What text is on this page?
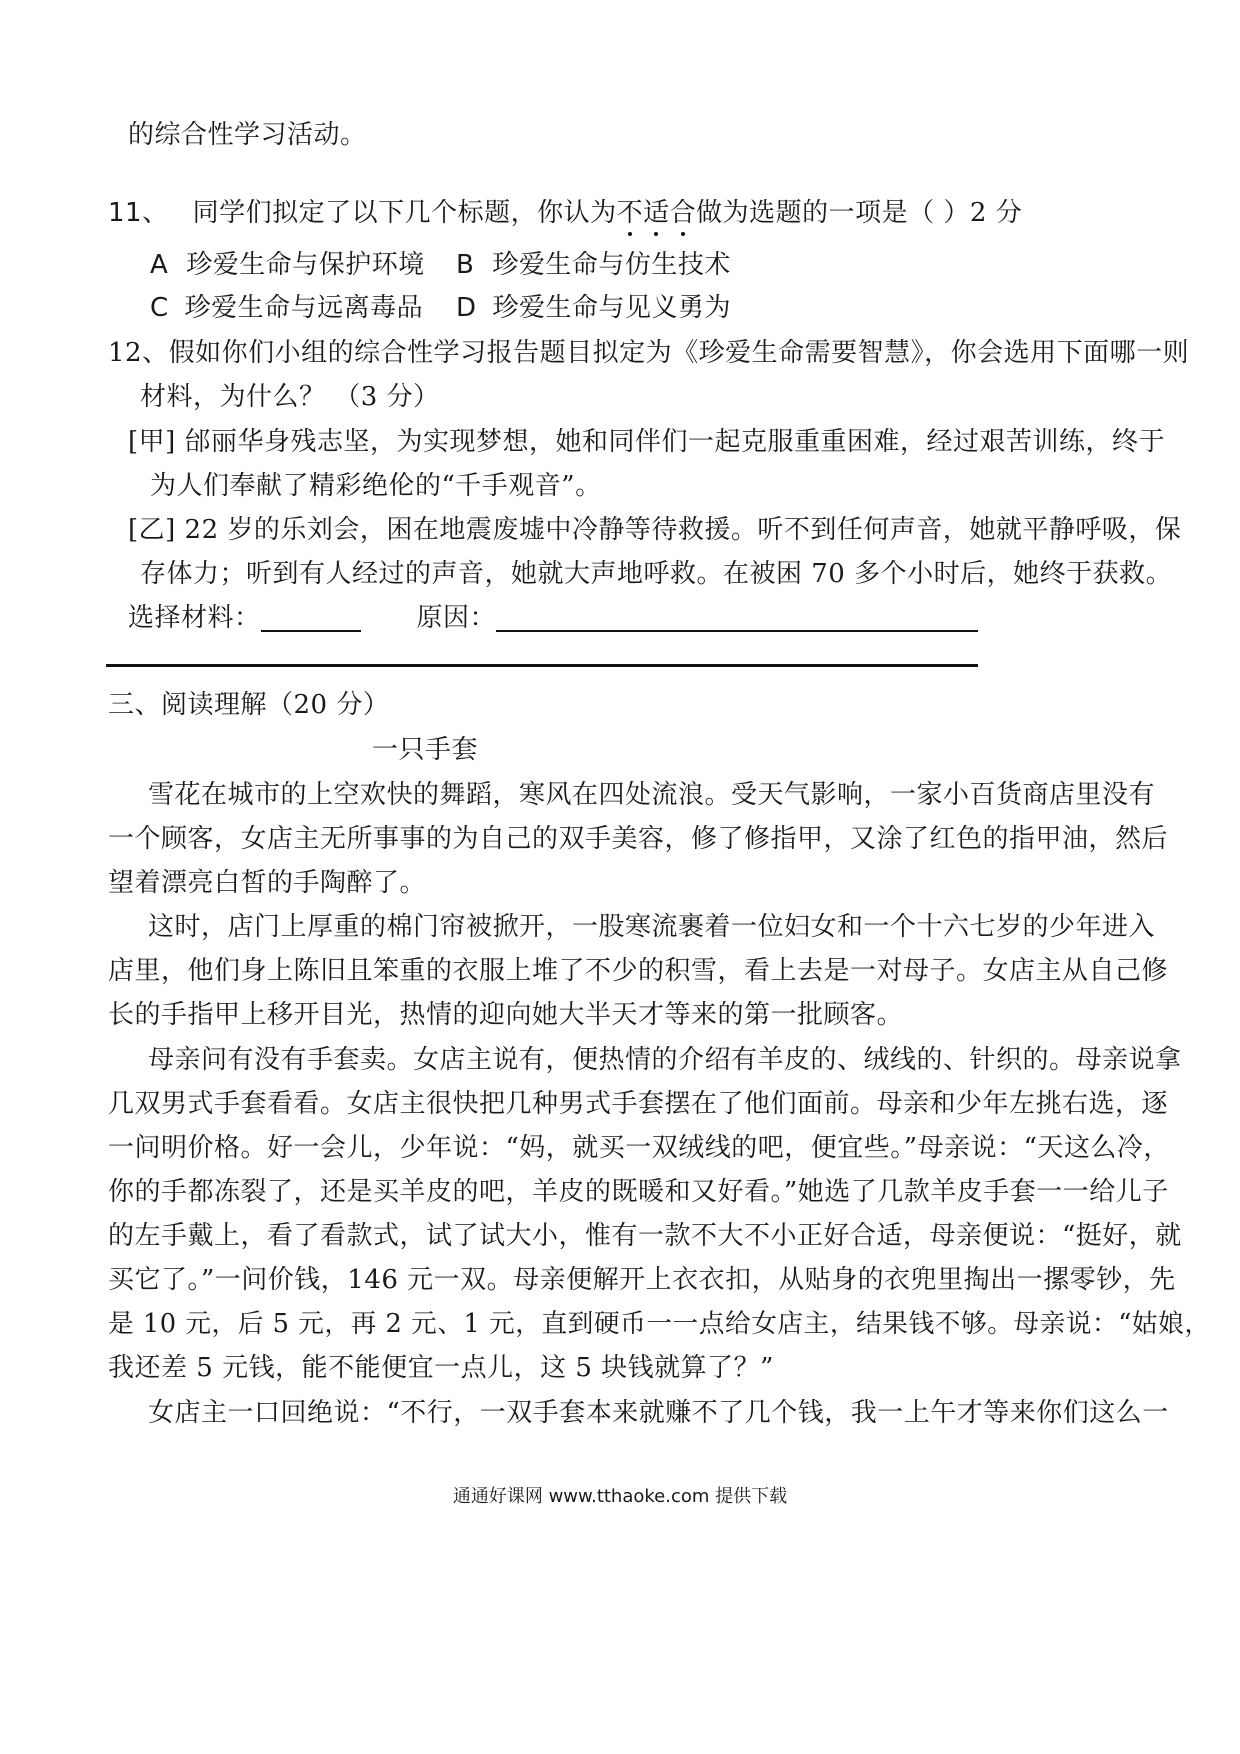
的综合性学习活动。
11、 同学们拟定了以下几个标题，你认为不适合做为选题的一项是（ ）2 分
A 珍爱生命与保护环境 B 珍爱生命与仿生技术
C 珍爱生命与远离毒品 D 珍爱生命与见义勇为
12、假如你们小组的综合性学习报告题目拟定为《珍爱生命需要智慧》，你会选用下面哪一则
材料，为什么？ （3 分）
[甲] 邰丽华身残志坚，为实现梦想，她和同伴们一起克服重重困难，经过艰苦训练，终于
为人们奉献了精彩绝伦的“千手观音”。
[乙] 22 岁的乐刘会，困在地震废墟中冷静等待救援。听不到任何声音，她就平静呼吸，保
存体力；听到有人经过的声音，她就大声地呼救。在被困 70 多个小时后，她终于获救。
选择材料：	原因：
三、阅读理解（20 分）
一只手套
雪花在城市的上空欢快的舞蹈，寒风在四处流浪。受天气影响，一家小百货商店里没有
一个顾客，女店主无所事事的为自己的双手美容，修了修指甲，又涂了红色的指甲油，然后
望着漂亮白皙的手陶醉了。
这时，店门上厚重的棉门帘被掀开，一股寒流裹着一位妇女和一个十六七岁的少年进入
店里，他们身上陈旧且笨重的衣服上堆了不少的积雪，看上去是一对母子。女店主从自己修
长的手指甲上移开目光，热情的迎向她大半天才等来的第一批顾客。
母亲问有没有手套卖。女店主说有，便热情的介绍有羊皮的、绒线的、针织的。母亲说拿
几双男式手套看看。女店主很快把几种男式手套摆在了他们面前。母亲和少年左挑右选，逐
一问明价格。好一会儿，少年说：“妈，就买一双绒线的吧，便宜些。”母亲说：“天这么冷，
你的手都冻裂了，还是买羊皮的吧，羊皮的既暖和又好看。”她选了几款羊皮手套一一给儿子
的左手戴上，看了看款式，试了试大小，惟有一款不大不小正好合适，母亲便说：“挺好，就
买它了。”一问价钱，146 元一双。母亲便解开上衣衣扣，从贴身的衣兜里掏出一摞零钞，先
是 10 元，后 5 元，再 2 元、1 元，直到硬币一一点给女店主，结果钱不够。母亲说：“姑娘，
我还差 5 元钱，能不能便宜一点儿，这 5 块钱就算了？”
女店主一口回绝说：“不行，一双手套本来就赚不了几个钱，我一上午才等来你们这么一
通通好课网 www.tthaoke.com 提供下载
